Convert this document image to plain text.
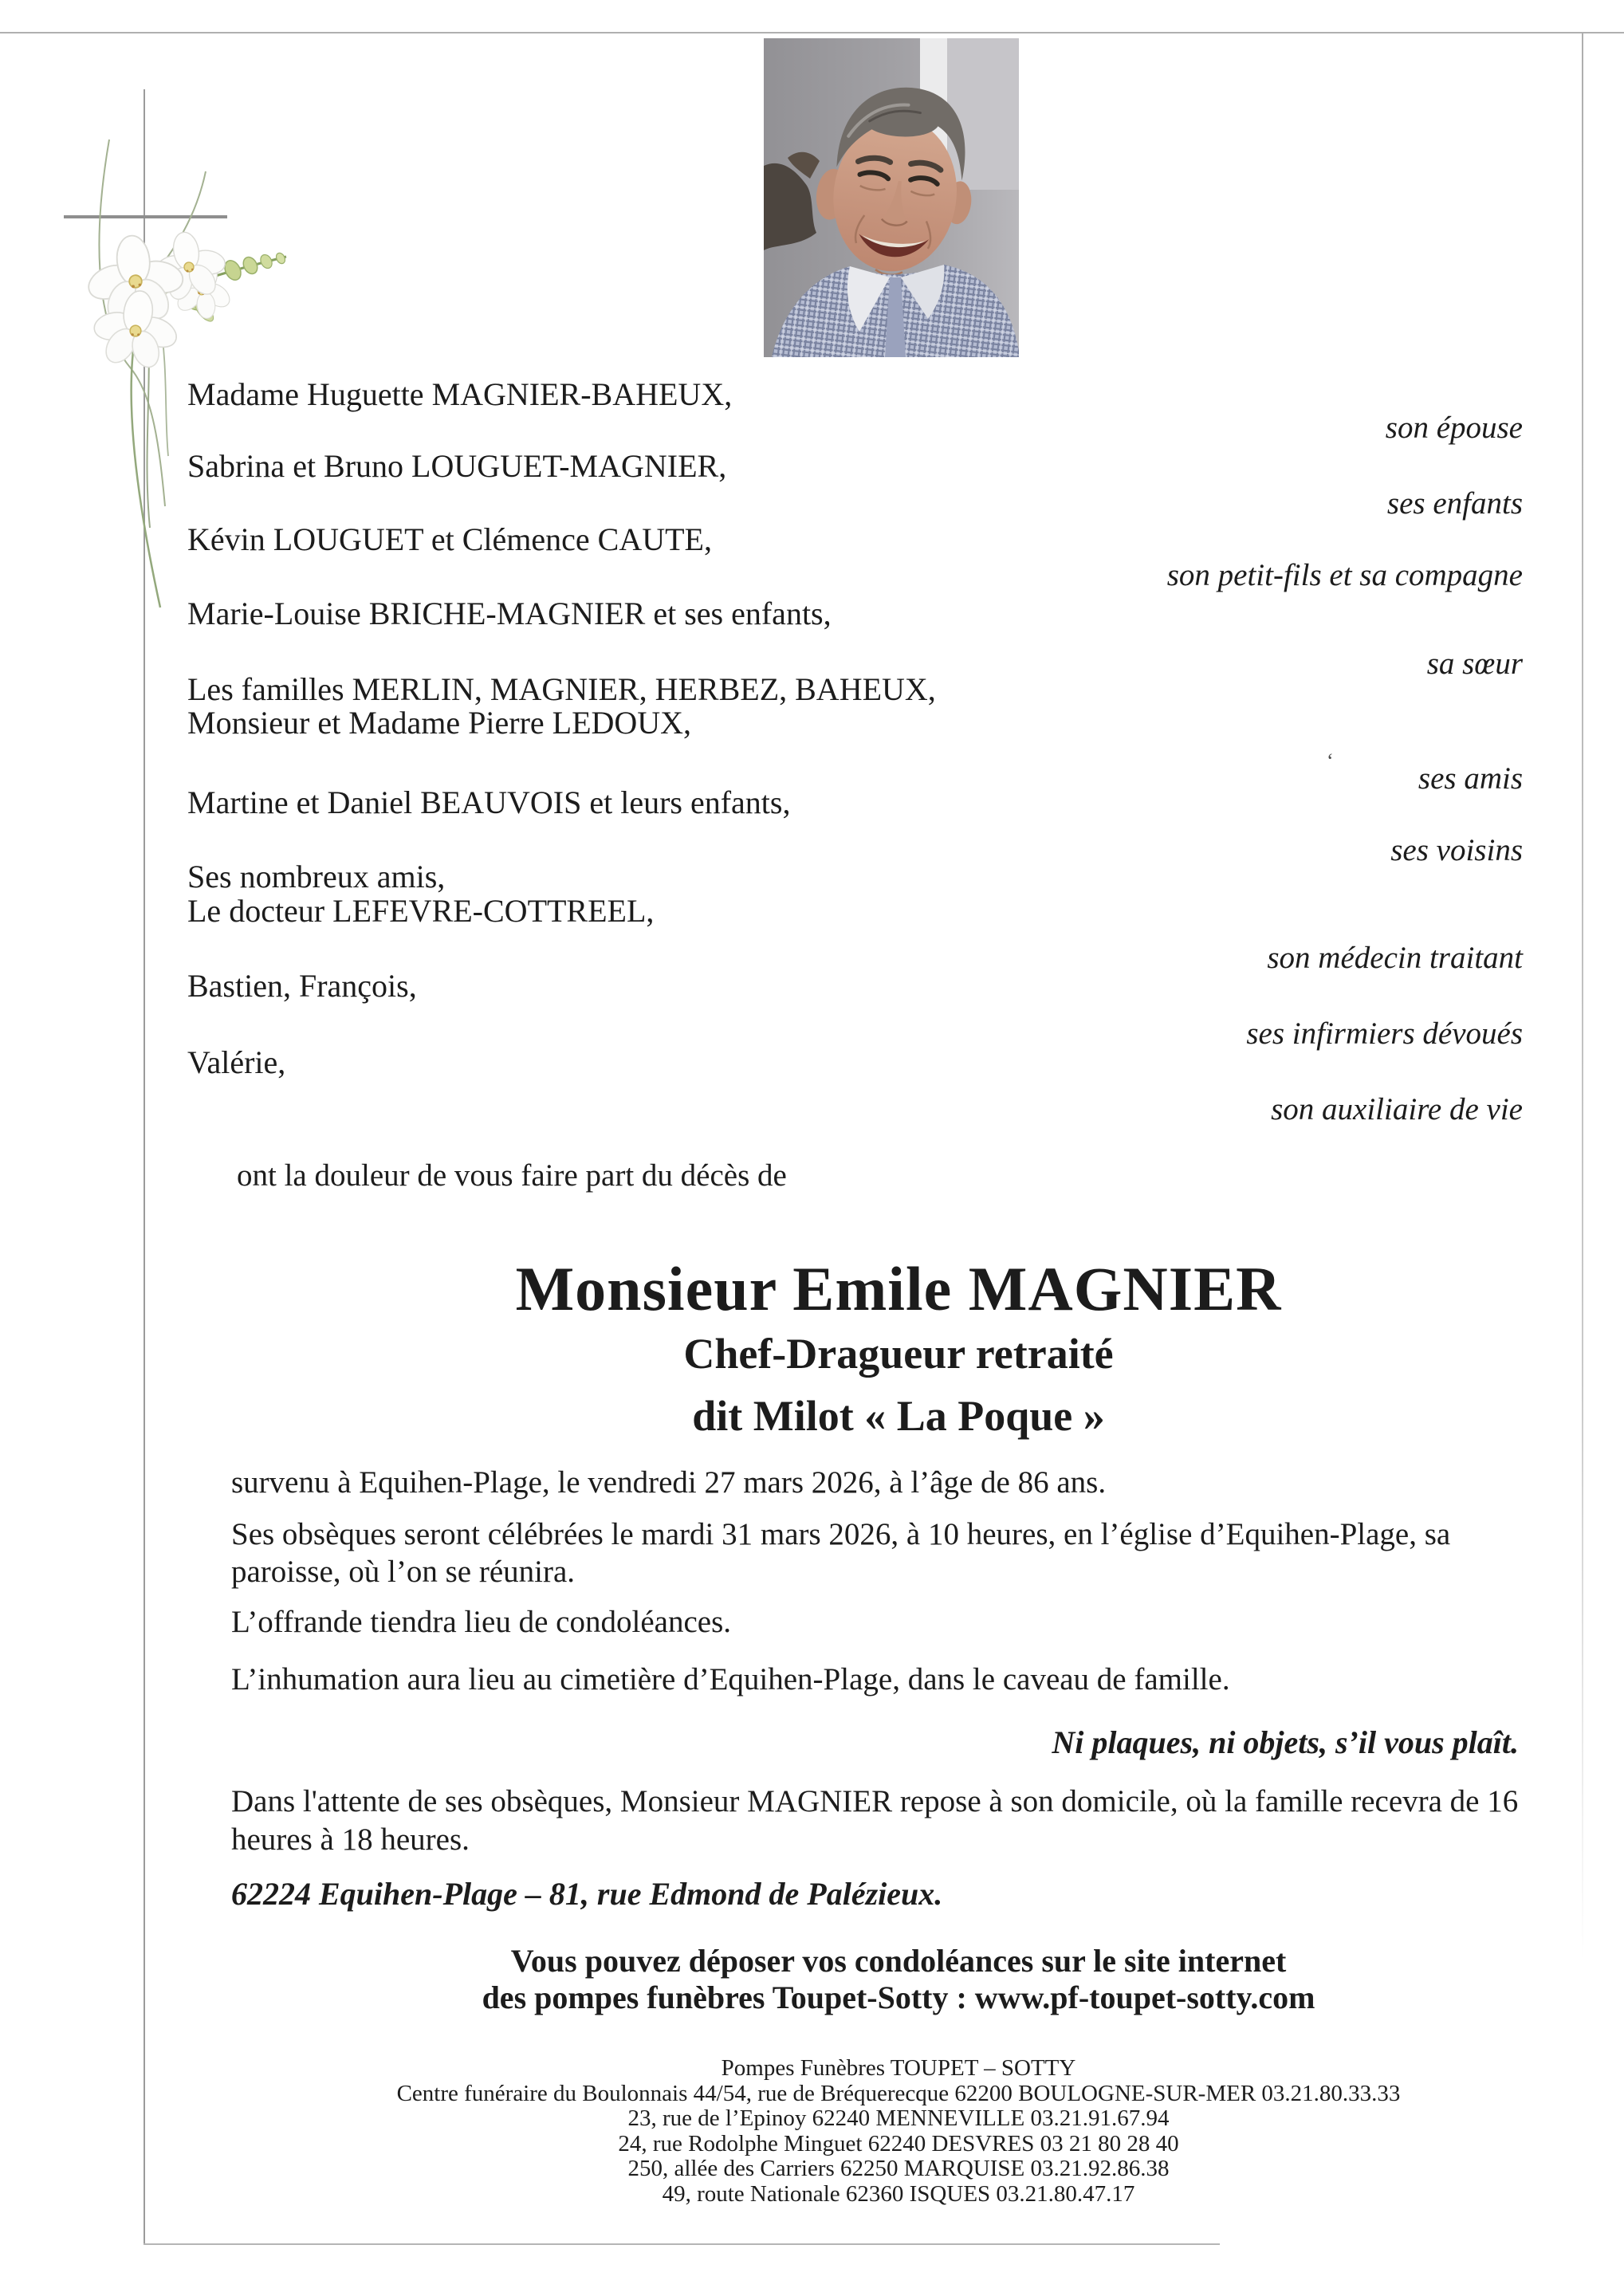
Madame Huguette MAGNIER-BAHEUX,
Sabrina et Bruno LOUGUET-MAGNIER,
Kévin LOUGUET et Clémence CAUTE,
Marie-Louise BRICHE-MAGNIER et ses enfants,
Les familles MERLIN, MAGNIER, HERBEZ, BAHEUX,
Monsieur et Madame Pierre LEDOUX,
Martine et Daniel BEAUVOIS et leurs enfants,
Ses nombreux amis,
Le docteur LEFEVRE-COTTREEL,
Bastien, François,
Valérie,
son épouse
ses enfants
son petit-fils et sa compagne
sa sœur
ses amis
ses voisins
son médecin traitant
ses infirmiers dévoués
son auxiliaire de vie
‘
ont la douleur de vous faire part du décès de
Monsieur Emile MAGNIER
Chef-Dragueur retraité
dit Milot « La Poque »
survenu à Equihen-Plage, le vendredi 27 mars 2026, à l’âge de 86 ans.
Ses obsèques seront célébrées le mardi 31 mars 2026, à 10 heures, en l’église d’Equihen-Plage, sa paroisse, où l’on se réunira.
L’offrande tiendra lieu de condoléances.
L’inhumation aura lieu au cimetière d’Equihen-Plage, dans le caveau de famille.
Ni plaques, ni objets, s’il vous plaît.
Dans l'attente de ses obsèques, Monsieur MAGNIER repose à son domicile, où la famille recevra de 16 heures à 18 heures.
62224 Equihen-Plage – 81, rue Edmond de Palézieux.
Vous pouvez déposer vos condoléances sur le site internet
des pompes funèbres Toupet-Sotty : www.pf-toupet-sotty.com
Pompes Funèbres TOUPET – SOTTY
Centre funéraire du Boulonnais 44/54, rue de Bréquerecque 62200 BOULOGNE-SUR-MER 03.21.80.33.33
23, rue de l’Epinoy 62240 MENNEVILLE 03.21.91.67.94
24, rue Rodolphe Minguet 62240 DESVRES 03 21 80 28 40
250, allée des Carriers 62250 MARQUISE 03.21.92.86.38
49, route Nationale 62360 ISQUES 03.21.80.47.17
